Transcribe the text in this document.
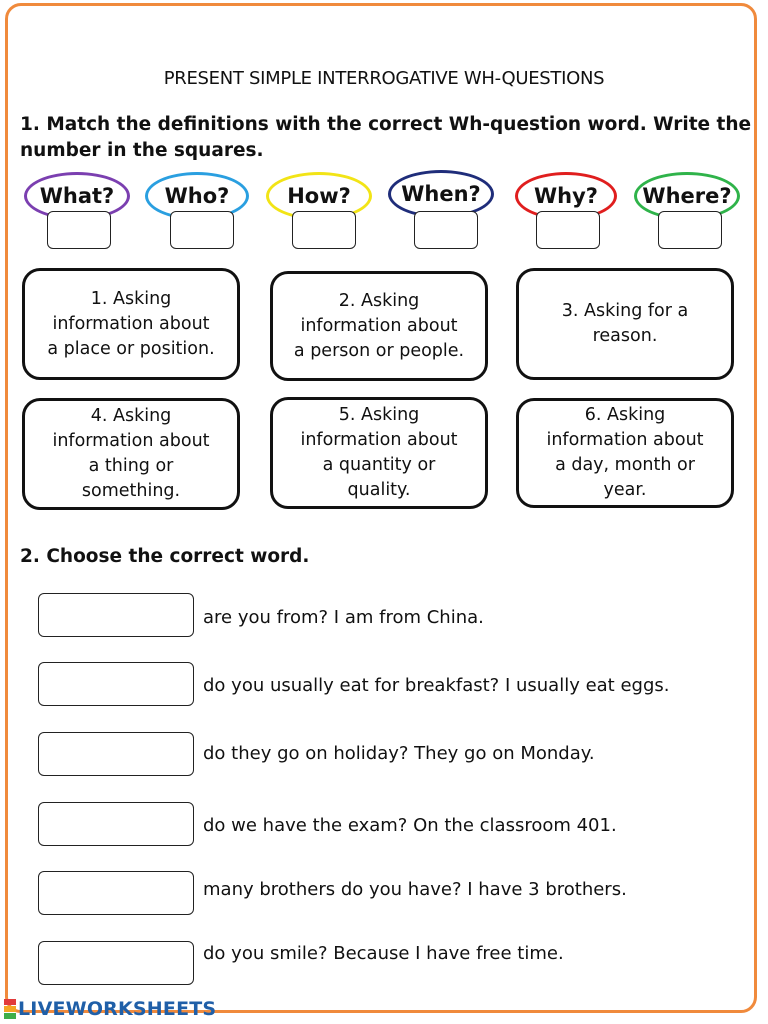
PRESENT SIMPLE INTERROGATIVE WH-QUESTIONS
1. Match the definitions with the correct Wh-question word. Write the
number in the squares.
What? Who?	How? When?	Why? Where?
1. Asking
information about
a place or position.
2. Asking
information about
a person or people.
3. Asking for a
reason.
4. Asking
information about
a thing or
something.
5. Asking
information about
a quantity or
quality.
6. Asking
information about
a day, month or
year.
2. Choose the correct word.
are you from? I am from China.
do you usually eat for breakfast? I usually eat eggs.
do they go on holiday? They go on Monday.
do we have the exam? On the classroom 401.
many brothers do you have? I have 3 brothers.
do you smile? Because I have free time.
LIVEWORKSHEETS
